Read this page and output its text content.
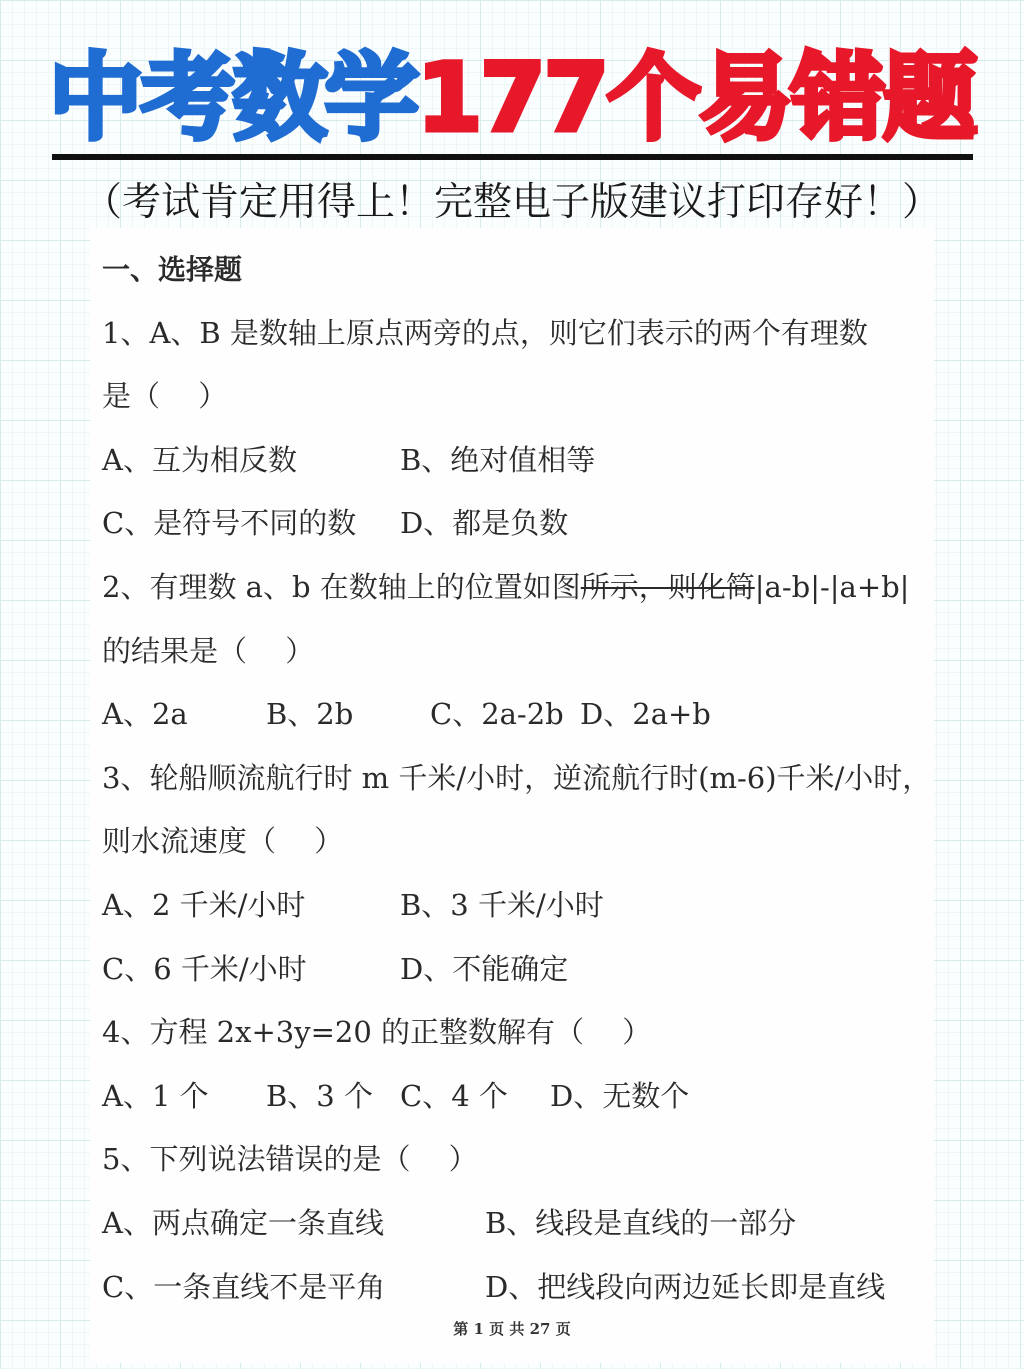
中考数学177个易错题
（考试肯定用得上！完整电子版建议打印存好！）
一、选择题
1、A、B 是数轴上原点两旁的点，则它们表示的两个有理数
是（　 ）
A、互为相反数	B、绝对值相等
C、是符号不同的数 D、都是负数
2、有理数 a、b 在数轴上的位置如图所示，则化简|a-b|-|a+b|
的结果是（　 ）
A、2a	B、2b	C、2a-2b D、2a+b
3、轮船顺流航行时 m 千米/小时，逆流航行时(m-6)千米/小时，
则水流速度（　 ）
A、2 千米/小时	B、3 千米/小时
C、6 千米/小时	D、不能确定
4、方程 2x+3y=20 的正整数解有（　 ）
A、1 个 B、3 个 C、4 个 D、无数个
5、下列说法错误的是（　 ）
A、两点确定一条直线	B、线段是直线的一部分
C、一条直线不是平角	D、把线段向两边延长即是直线
第 1 页 共 27 页
